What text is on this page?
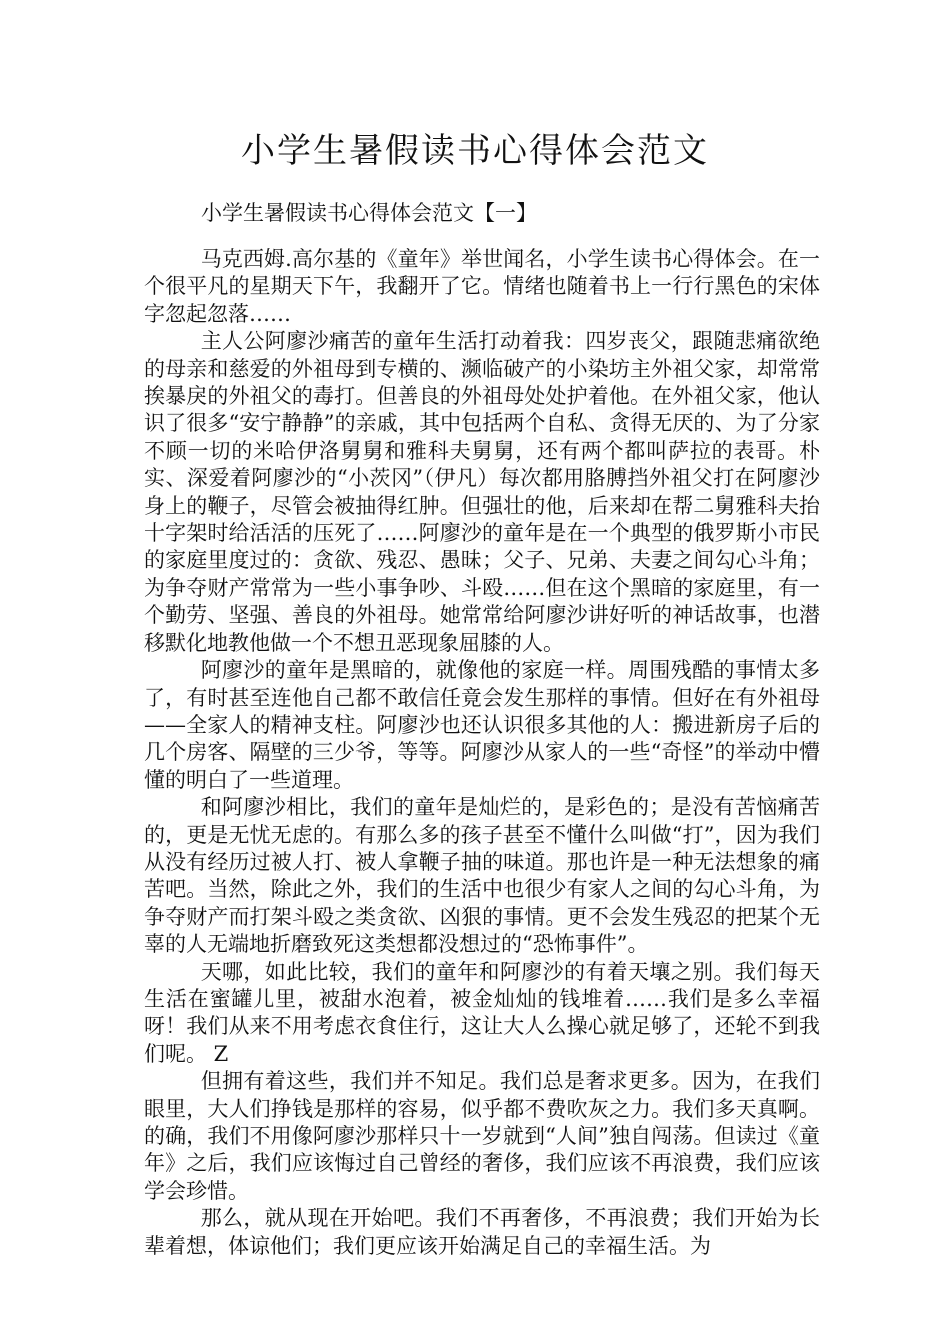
小学生暑假读书心得体会范文
小学生暑假读书心得体会范文【一】

马克西姆.高尔基的《童年》举世闻名，小学生读书心得体会。在一个很平凡的星期天下午，我翻开了它。情绪也随着书上一行行黑色的宋体字忽起忽落……

主人公阿廖沙痛苦的童年生活打动着我：四岁丧父，跟随悲痛欲绝的母亲和慈爱的外祖母到专横的、濒临破产的小染坊主外祖父家，却常常挨暴戾的外祖父的毒打。但善良的外祖母处处护着他。在外祖父家，他认识了很多“安宁静静”的亲戚，其中包括两个自私、贪得无厌的、为了分家不顾一切的米哈伊洛舅舅和雅科夫舅舅，还有两个都叫萨拉的表哥。朴实、深爱着阿廖沙的“小茨冈”（伊凡）每次都用胳膊挡外祖父打在阿廖沙身上的鞭子，尽管会被抽得红肿。但强壮的他，后来却在帮二舅雅科夫抬十字架时给活活的压死了……阿廖沙的童年是在一个典型的俄罗斯小市民的家庭里度过的：贪欲、残忍、愚昧；父子、兄弟、夫妻之间勾心斗角；为争夺财产常常为一些小事争吵、斗殴……但在这个黑暗的家庭里，有一个勤劳、坚强、善良的外祖母。她常常给阿廖沙讲好听的神话故事，也潜移默化地教他做一个不想丑恶现象屈膝的人。

阿廖沙的童年是黑暗的，就像他的家庭一样。周围残酷的事情太多了，有时甚至连他自己都不敢信任竟会发生那样的事情。但好在有外祖母——全家人的精神支柱。阿廖沙也还认识很多其他的人：搬进新房子后的几个房客、隔壁的三少爷，等等。阿廖沙从家人的一些“奇怪”的举动中懵懂的明白了一些道理。

和阿廖沙相比，我们的童年是灿烂的，是彩色的；是没有苦恼痛苦的，更是无忧无虑的。有那么多的孩子甚至不懂什么叫做“打”，因为我们从没有经历过被人打、被人拿鞭子抽的味道。那也许是一种无法想象的痛苦吧。当然，除此之外，我们的生活中也很少有家人之间的勾心斗角，为争夺财产而打架斗殴之类贪欲、凶狠的事情。更不会发生残忍的把某个无辜的人无端地折磨致死这类想都没想过的“恐怖事件”。

天哪，如此比较，我们的童年和阿廖沙的有着天壤之别。我们每天生活在蜜罐儿里，被甜水泡着，被金灿灿的钱堆着……我们是多么幸福呀！我们从来不用考虑衣食住行，这让大人么操心就足够了，还轮不到我们呢。 Z

但拥有着这些，我们并不知足。我们总是奢求更多。因为，在我们眼里，大人们挣钱是那样的容易，似乎都不费吹灰之力。我们多天真啊。的确，我们不用像阿廖沙那样只十一岁就到“人间”独自闯荡。但读过《童年》之后，我们应该悔过自己曾经的奢侈，我们应该不再浪费，我们应该学会珍惜。

那么，就从现在开始吧。我们不再奢侈，不再浪费；我们开始为长辈着想，体谅他们；我们更应该开始满足自己的幸福生活。为
